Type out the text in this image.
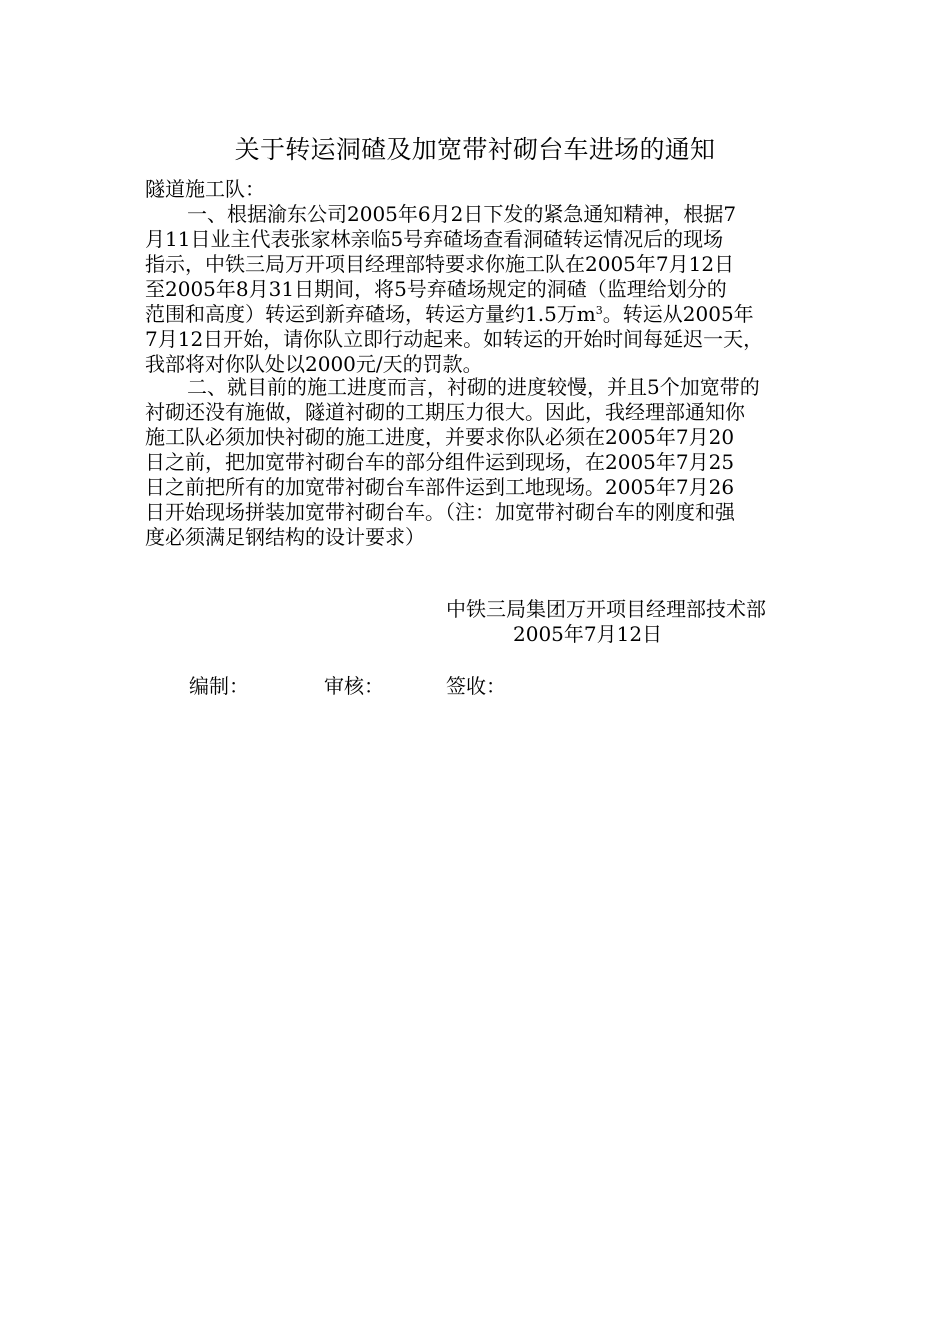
关于转运洞碴及加宽带衬砌台车进场的通知
隧道施工队：
一、根据渝东公司2005年6月2日下发的紧急通知精神，根据7
月11日业主代表张家林亲临5号弃碴场查看洞碴转运情况后的现场
指示，中铁三局万开项目经理部特要求你施工队在2005年7月12日
至2005年8月31日期间，将5号弃碴场规定的洞碴（监理给划分的
范围和高度）转运到新弃碴场，转运方量约1.5万$m^3$。转运从2005年
7月12日开始，请你队立即行动起来。如转运的开始时间每延迟一天，
我部将对你队处以2000元/天的罚款。
二、就目前的施工进度而言，衬砌的进度较慢，并且5个加宽带的
衬砌还没有施做，隧道衬砌的工期压力很大。因此，我经理部通知你
施工队必须加快衬砌的施工进度，并要求你队必须在2005年7月20
日之前，把加宽带衬砌台车的部分组件运到现场，在2005年7月25
日之前把所有的加宽带衬砌台车部件运到工地现场。2005年7月26
日开始现场拼装加宽带衬砌台车。（注：加宽带衬砌台车的刚度和强
度必须满足钢结构的设计要求）
中铁三局集团万开项目经理部技术部
2005年7月12日
编制：	审核：	签收：
